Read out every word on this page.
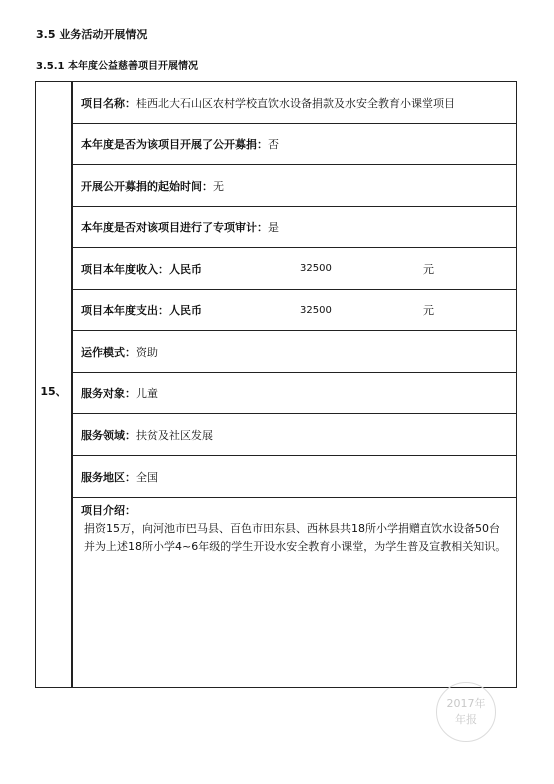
3.5 业务活动开展情况
3.5.1 本年度公益慈善项目开展情况
15、
项目名称： 桂西北大石山区农村学校直饮水设备捐款及水安全教育小课堂项目
本年度是否为该项目开展了公开募捐： 否
开展公开募捐的起始时间： 无
本年度是否对该项目进行了专项审计： 是
项目本年度收入：人民币	32500	元
项目本年度支出：人民币	32500	元
运作模式： 资助
服务对象： 儿童
服务领域： 扶贫及社区发展
服务地区： 全国
项目介绍：
捐资15万，向河池市巴马县、百色市田东县、西林县共18所小学捐赠直饮水设备50台并为上述18所小学4~6年级的学生开设水安全教育小课堂，为学生普及宣教相关知识。
2017年
年报
